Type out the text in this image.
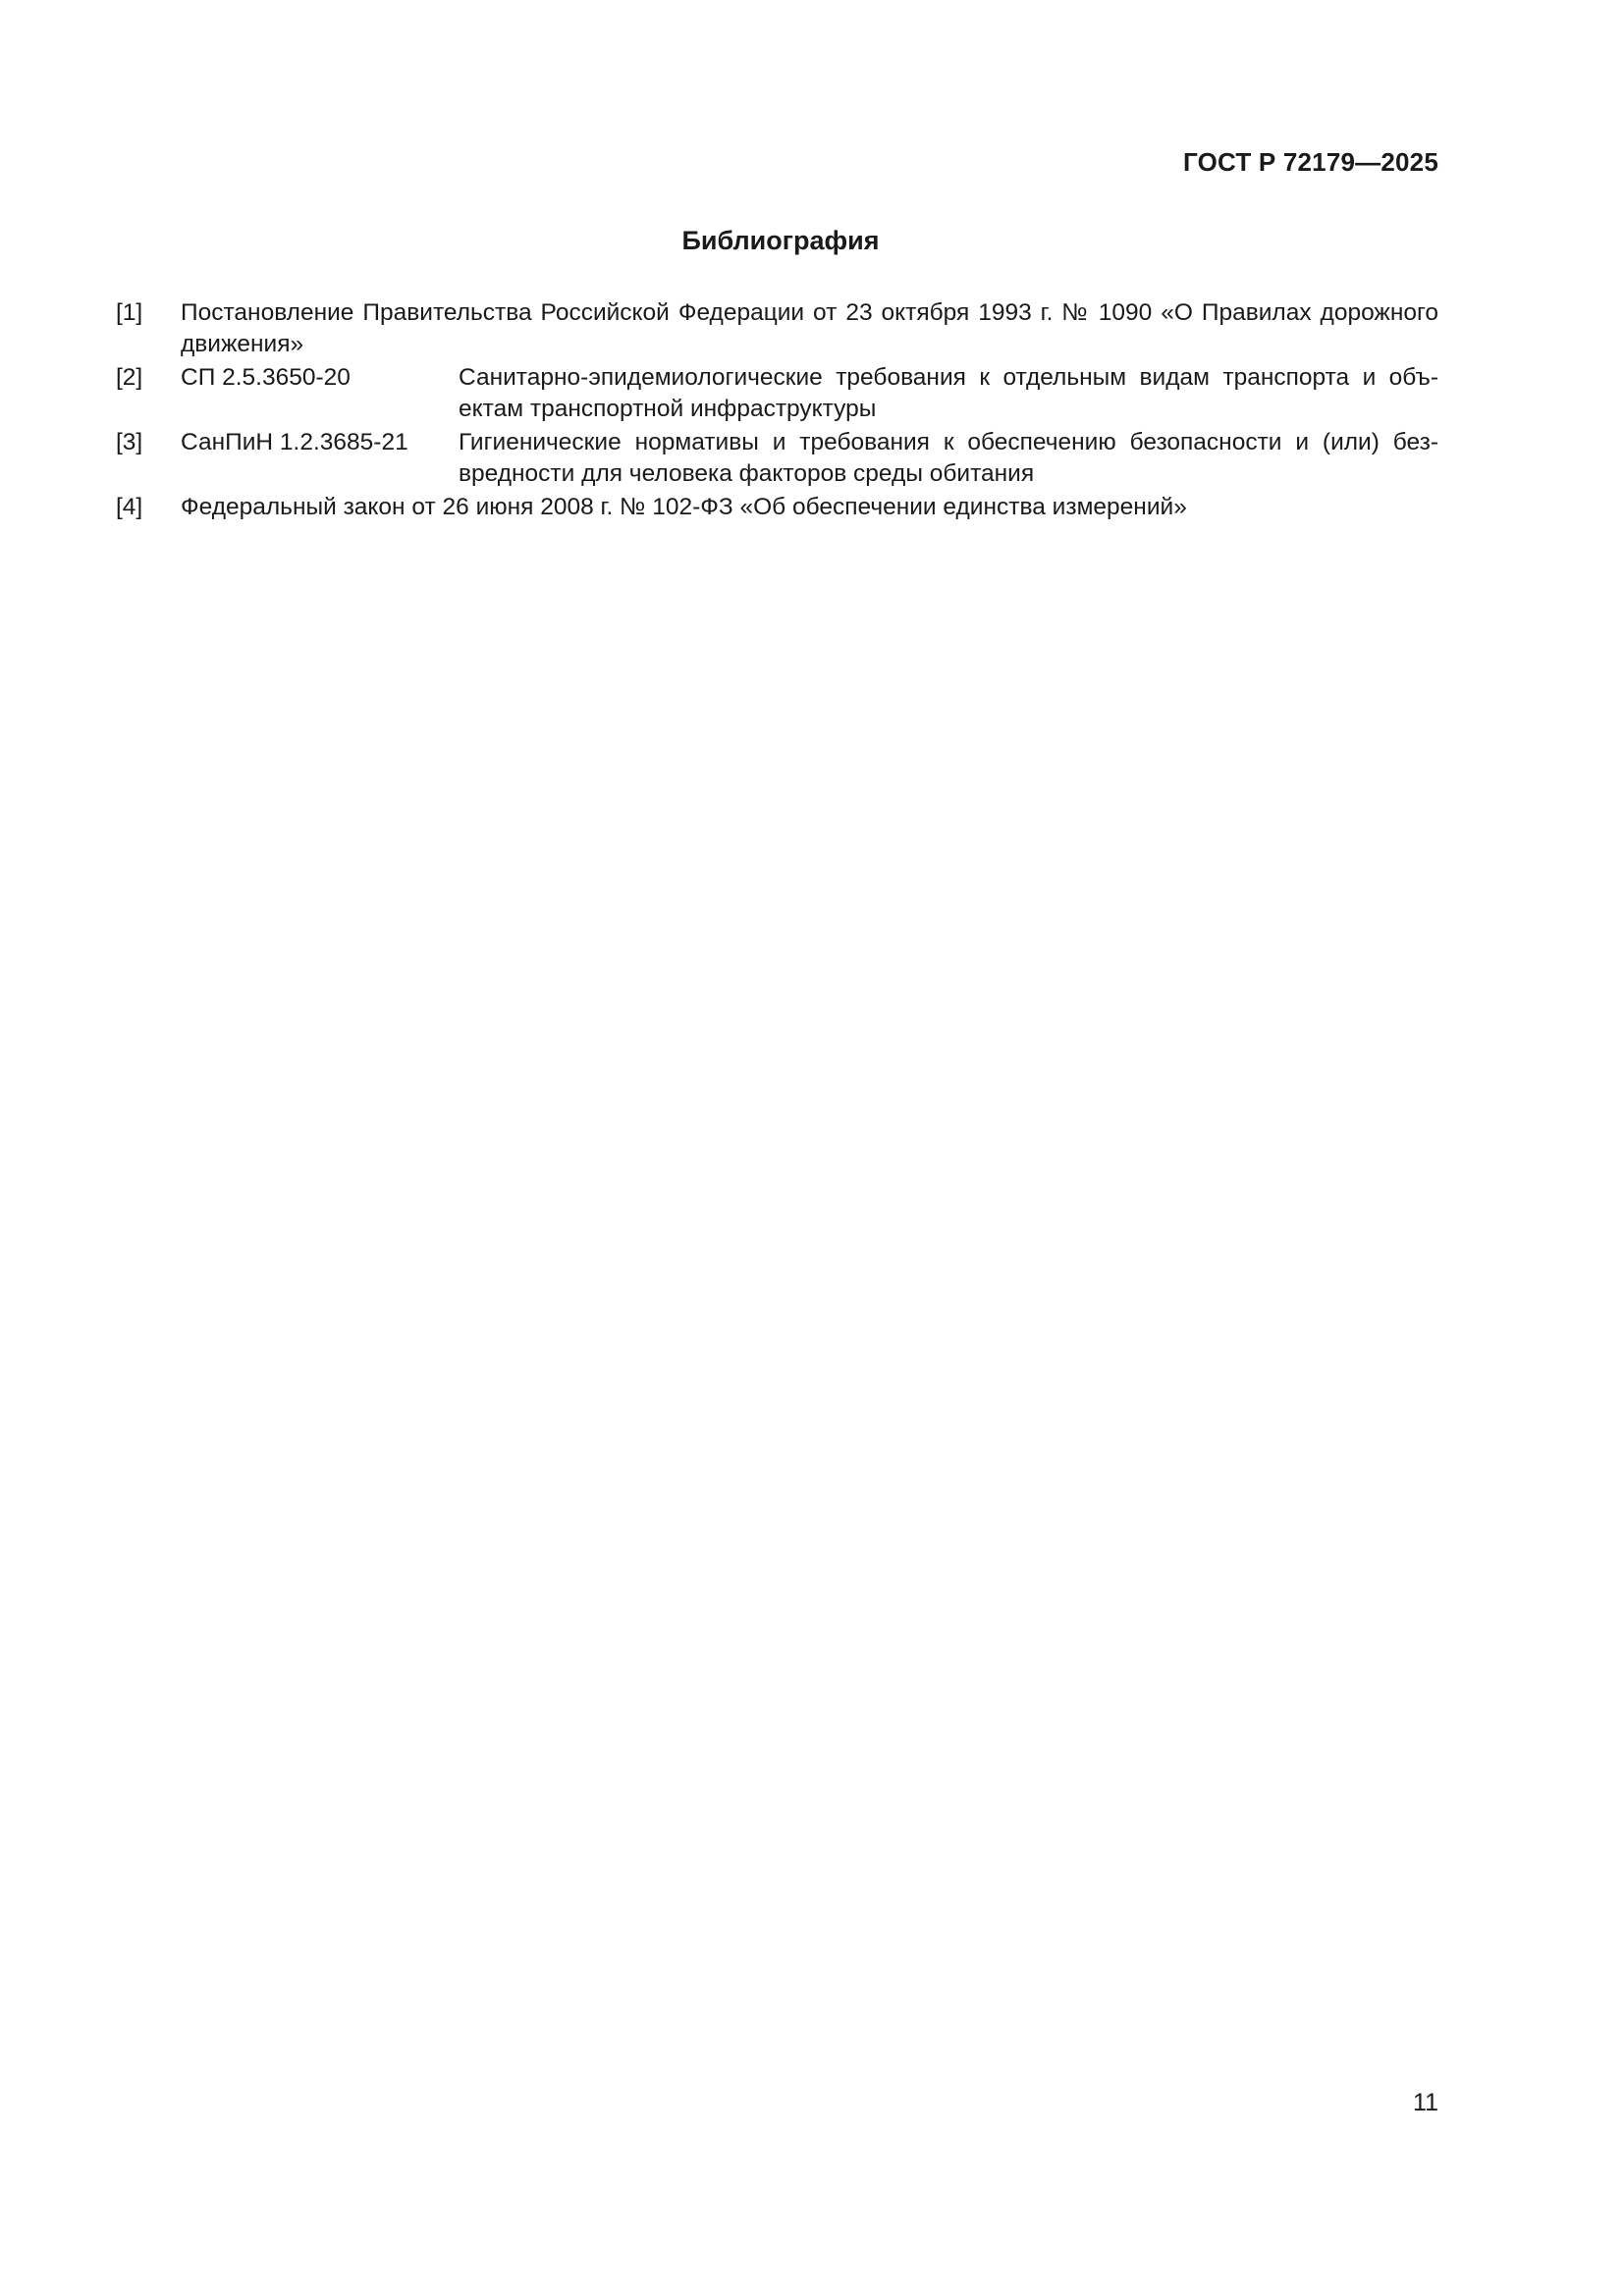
ГОСТ Р 72179—2025
Библиография
[1]	Постановление Правительства Российской Федерации от 23 октября 1993 г. № 1090 «О Правилах дорожного
движения»
[2]	СП 2.5.3650-20	Санитарно-эпидемиологические требования к отдельным видам транспорта и объ-
ектам транспортной инфраструктуры
[3]	СанПиН 1.2.3685-21	Гигиенические нормативы и требования к обеспечению безопасности и (или) без-
вредности для человека факторов среды обитания
[4]	Федеральный закон от 26 июня 2008 г. № 102-ФЗ «Об обеспечении единства измерений»
11
